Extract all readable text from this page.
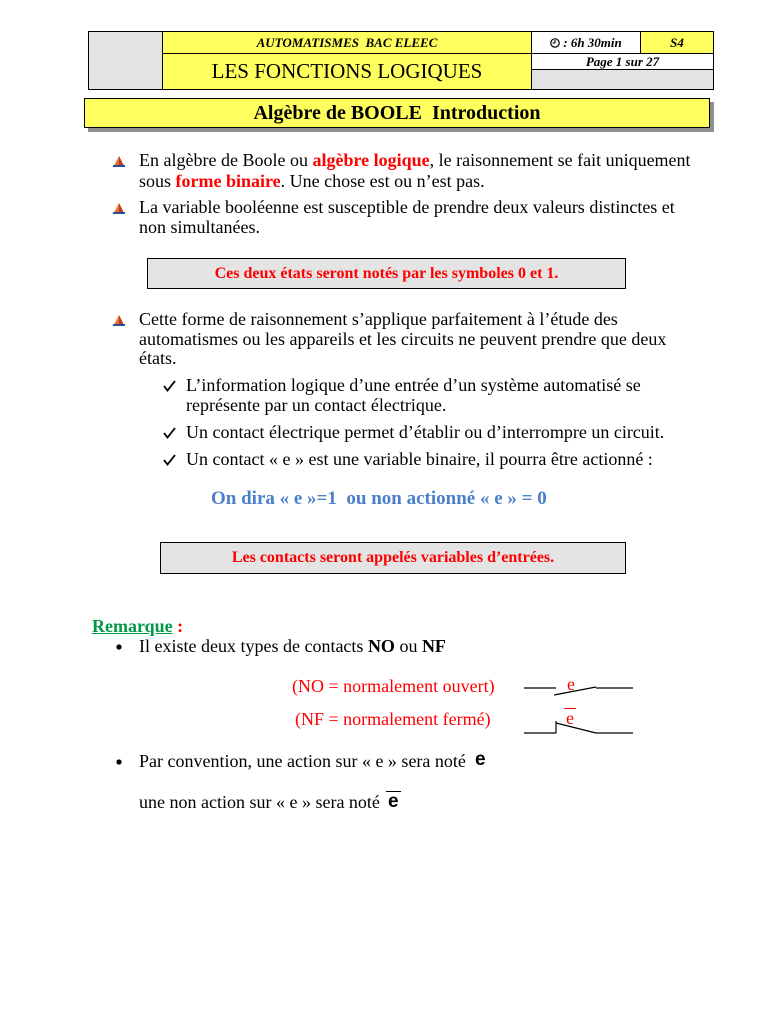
AUTOMATISMES  BAC ELEEC	: 6h 30min	S4
LES FONCTIONS LOGIQUES	Page 1 sur 27
Algèbre de BOOLE  Introduction
En algèbre de Boole ou algèbre logique, le raisonnement se fait uniquement
sous forme binaire. Une chose est ou n’est pas.
La variable booléenne est susceptible de prendre deux valeurs distinctes et
non simultanées.
Ces deux états seront notés par les symboles 0 et 1.
Cette forme de raisonnement s’applique parfaitement à l’étude des
automatismes ou les appareils et les circuits ne peuvent prendre que deux
états.
L’information logique d’une entrée d’un système automatisé se
représente par un contact électrique.
Un contact électrique permet d’établir ou d’interrompre un circuit.
Un contact « e » est une variable binaire, il pourra être actionné :
On dira « e »=1  ou non actionné « e » = 0
Les contacts seront appelés variables d’entrées.
Remarque :
Il existe deux types de contacts NO ou NF
(NO = normalement ouvert)	e
(NF = normalement fermé)	e
Par convention, une action sur « e » sera noté e
une non action sur « e » sera noté e
